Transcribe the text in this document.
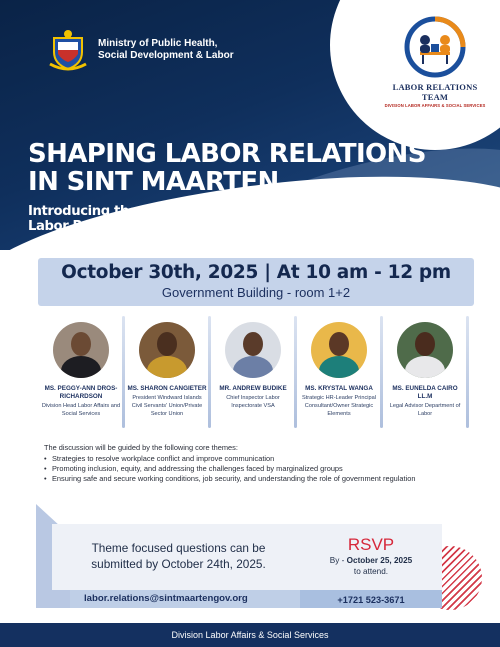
Ministry of Public Health, Social Development & Labor
LABOR RELATIONS TEAM
DIVISION LABOR AFFAIRS & SOCIAL SERVICES
SHAPING LABOR RELATIONS
IN SINT MAARTEN
Introducing the Role and Responsibilities of Key Stakeholders
Labor Relations Panel Discussion
October 30th, 2025 | At 10 am - 12 pm
Government Building - room 1+2
MS. PEGGY-ANN DROS-RICHARDSON
Division Head Labor Affairs and Social Services
MS. SHARON CANGIETER
President Windward Islands Civil Servants' Union/Private Sector Union
MR. ANDREW BUDIKE
Chief Inspector Labor Inspectorate VSA
MS. KRYSTAL WANGA
Strategic HR-Leader Principal Consultant/Owner Strategic Elements
MS. EUNELDA CAIRO LL.M
Legal Advisor Department of Labor
The discussion will be guided by the following core themes:
• Strategies to resolve workplace conflict and improve communication
• Promoting inclusion, equity, and addressing the challenges faced by marginalized groups
• Ensuring safe and secure working conditions, job security, and understanding the role of government regulation
Theme focused questions can be
submitted by October 24th, 2025.
RSVP
By - October 25, 2025
to attend.
labor.relations@sintmaartengov.org	+1721 523-3671
Division Labor Affairs & Social Services
